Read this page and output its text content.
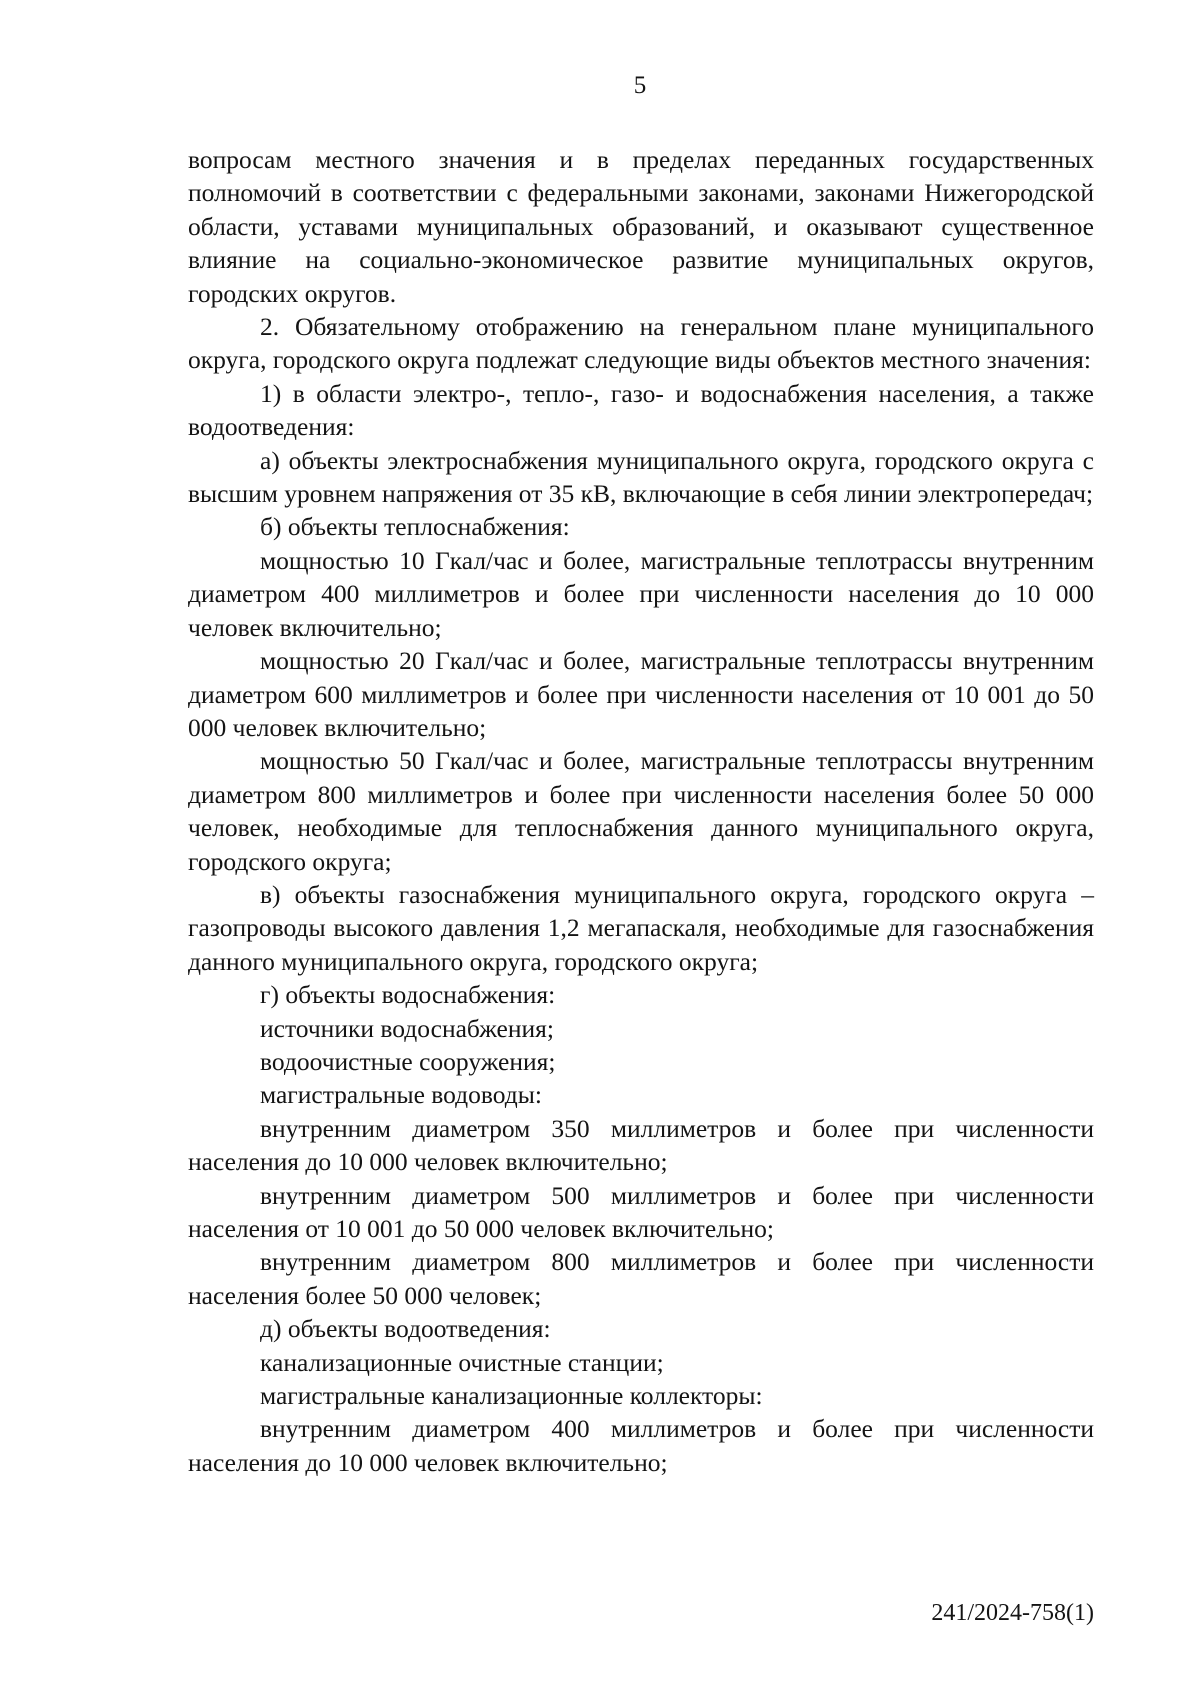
5

вопросам местного значения и в пределах переданных государственных полномочий в соответствии с федеральными законами, законами Нижегородской области, уставами муниципальных образований, и оказывают существенное влияние на социально-экономическое развитие муниципальных округов, городских округов.

2. Обязательному отображению на генеральном плане муниципального округа, городского округа подлежат следующие виды объектов местного значения:

1) в области электро-, тепло-, газо- и водоснабжения населения, а также водоотведения:

а) объекты электроснабжения муниципального округа, городского округа с высшим уровнем напряжения от 35 кВ, включающие в себя линии электропередач;

б) объекты теплоснабжения:

мощностью 10 Гкал/час и более, магистральные теплотрассы внутренним диаметром 400 миллиметров и более при численности населения до 10 000 человек включительно;

мощностью 20 Гкал/час и более, магистральные теплотрассы внутренним диаметром 600 миллиметров и более при численности населения от 10 001 до 50 000 человек включительно;

мощностью 50 Гкал/час и более, магистральные теплотрассы внутренним диаметром 800 миллиметров и более при численности населения более 50 000 человек, необходимые для теплоснабжения данного муниципального округа, городского округа;

в) объекты газоснабжения муниципального округа, городского округа – газопроводы высокого давления 1,2 мегапаскаля, необходимые для газоснабжения данного муниципального округа, городского округа;

г) объекты водоснабжения:

источники водоснабжения;

водоочистные сооружения;

магистральные водоводы:

внутренним диаметром 350 миллиметров и более при численности населения до 10 000 человек включительно;

внутренним диаметром 500 миллиметров и более при численности населения от 10 001 до 50 000 человек включительно;

внутренним диаметром 800 миллиметров и более при численности населения более 50 000 человек;

д) объекты водоотведения:

канализационные очистные станции;

магистральные канализационные коллекторы:

внутренним диаметром 400 миллиметров и более при численности населения до 10 000 человек включительно;

241/2024-758(1)
